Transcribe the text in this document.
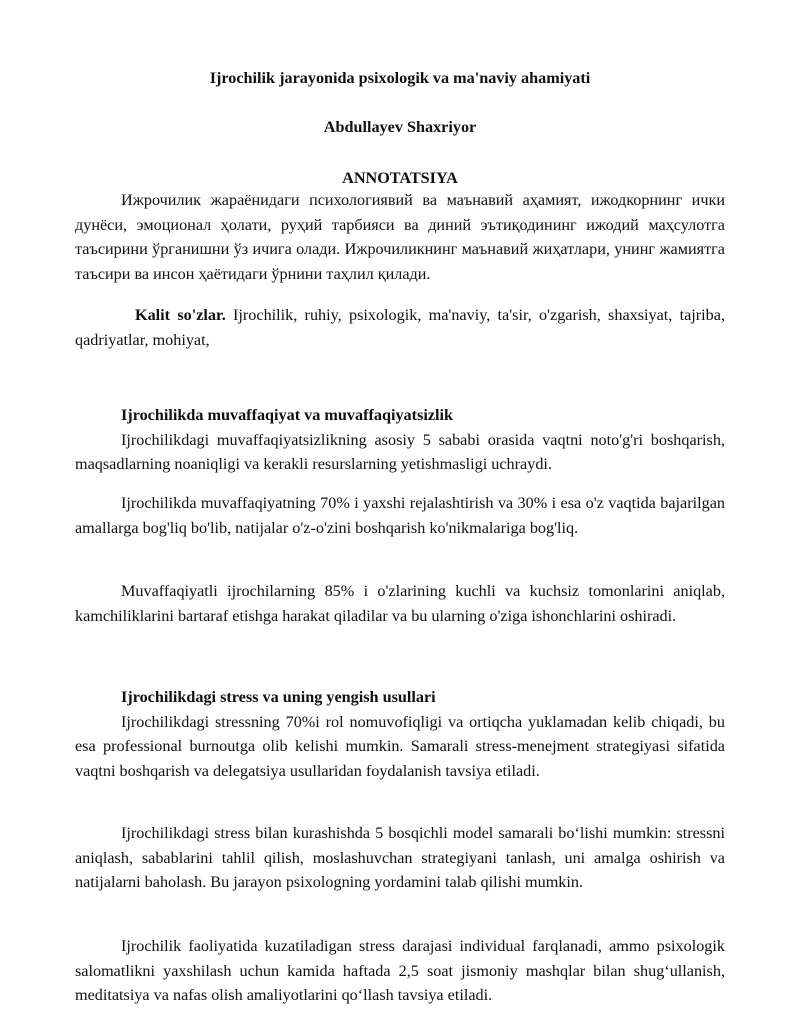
Ijrochilik jarayonida psixologik va ma'naviy ahamiyati
Abdullayev Shaxriyor
ANNOTATSIYA

Ижрочилик жараёнидаги психологиявий ва маънавий аҳамият, ижодкорнинг ички дунёси, эмоционал ҳолати, руҳий тарбияси ва диний эътиқодининг ижодий маҳсулотга таъсирини ўрганишни ўз ичига олади. Ижрочиликнинг маънавий жиҳатлари, унинг жамиятга таъсири ва инсон ҳаётидаги ўрнини таҳлил қилади.

Kalit so'zlar. Ijrochilik, ruhiy, psixologik, ma'naviy, ta'sir, o'zgarish, shaxsiyat, tajriba, qadriyatlar, mohiyat,

Ijrochilikda muvaffaqiyat va muvaffaqiyatsizlik

Ijrochilikdagi muvaffaqiyatsizlikning asosiy 5 sababi orasida vaqtni noto'g'ri boshqarish, maqsadlarning noaniqligi va kerakli resurslarning yetishmasligi uchraydi.

Ijrochilikda muvaffaqiyatning 70% i yaxshi rejalashtirish va 30% i esa o'z vaqtida bajarilgan amallarga bog'liq bo'lib, natijalar o'z-o'zini boshqarish ko'nikmalariga bog'liq.

Muvaffaqiyatli ijrochilarning 85% i o'zlarining kuchli va kuchsiz tomonlarini aniqlab, kamchiliklarini bartaraf etishga harakat qiladilar va bu ularning o'ziga ishonchlarini oshiradi.

Ijrochilikdagi stress va uning yengish usullari

Ijrochilikdagi stressning 70%i rol nomuvofiqligi va ortiqcha yuklamadan kelib chiqadi, bu esa professional burnoutga olib kelishi mumkin. Samarali stress-menejment strategiyasi sifatida vaqtni boshqarish va delegatsiya usullaridan foydalanish tavsiya etiladi.

Ijrochilikdagi stress bilan kurashishda 5 bosqichli model samarali bo‘lishi mumkin: stressni aniqlash, sabablarini tahlil qilish, moslashuvchan strategiyani tanlash, uni amalga oshirish va natijalarni baholash. Bu jarayon psixologning yordamini talab qilishi mumkin.

Ijrochilik faoliyatida kuzatiladigan stress darajasi individual farqlanadi, ammo psixologik salomatlikni yaxshilash uchun kamida haftada 2,5 soat jismoniy mashqlar bilan shug‘ullanish, meditatsiya va nafas olish amaliyotlarini qo‘llash tavsiya etiladi.
